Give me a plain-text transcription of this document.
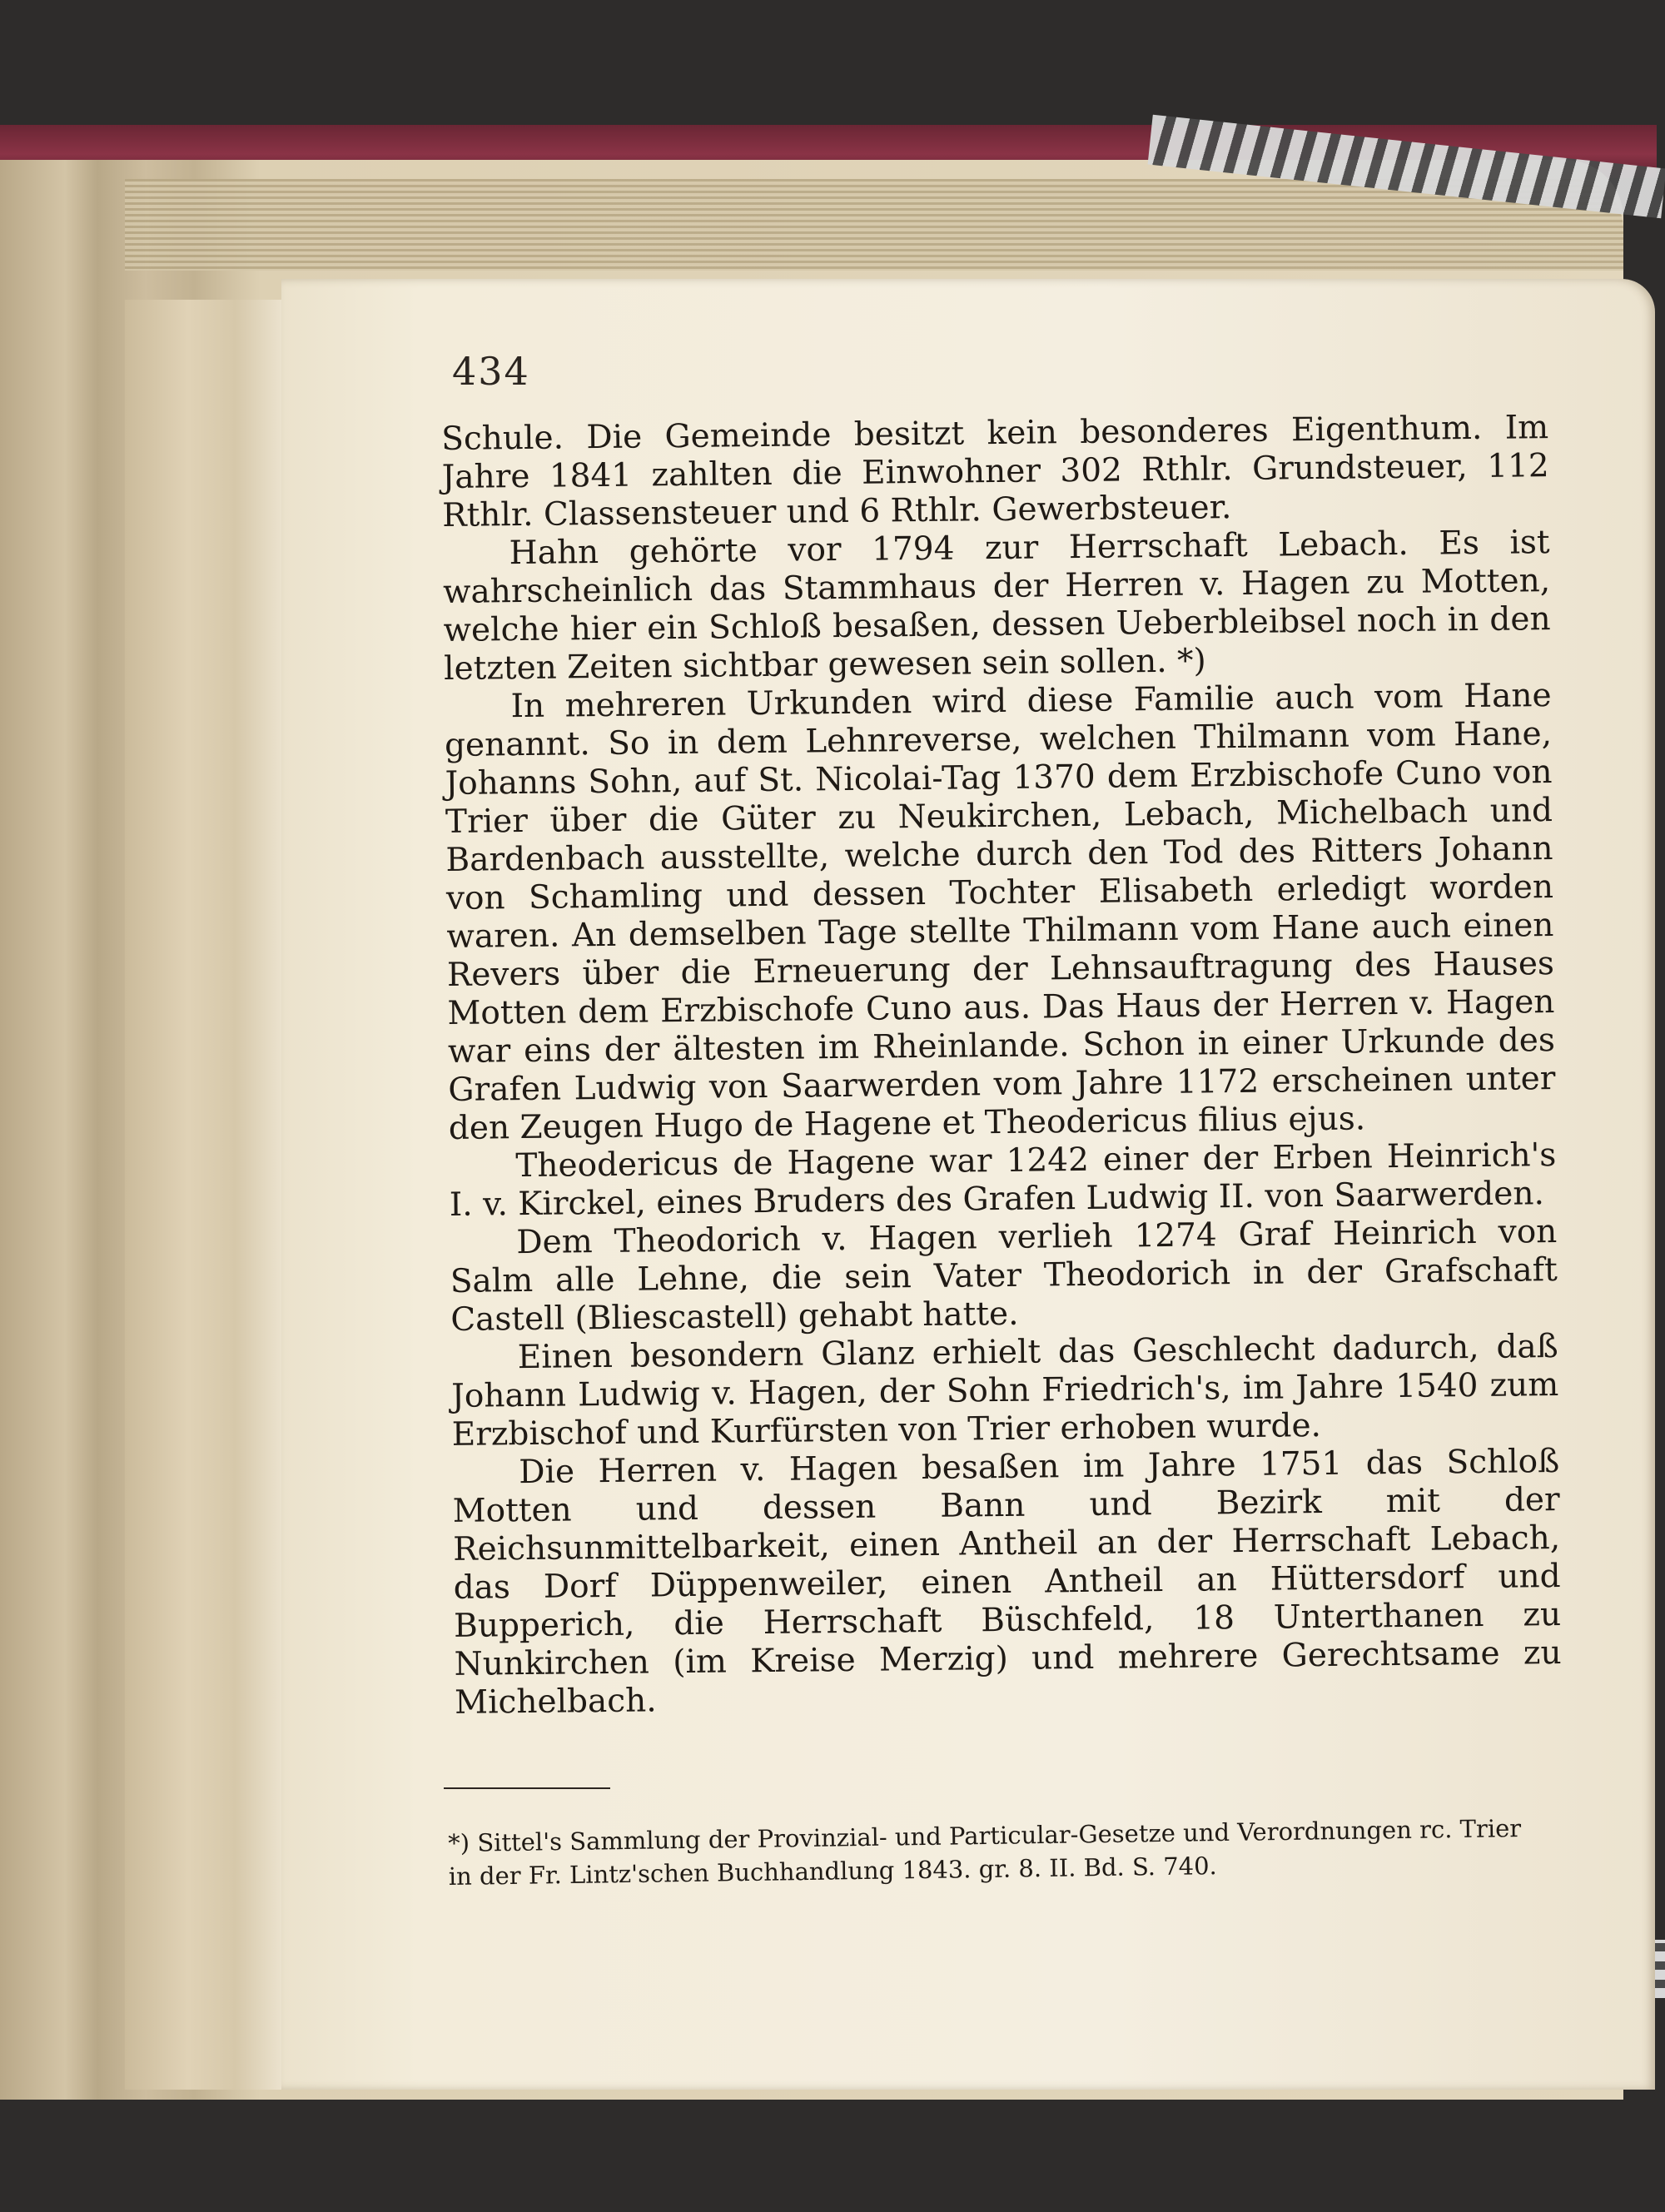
434

Schule. Die Gemeinde besitzt kein besonderes Eigenthum. Im Jahre 1841 zahlten die Einwohner 302 Rthlr. Grundsteuer, 112 Rthlr. Classensteuer und 6 Rthlr. Gewerbsteuer.

Hahn gehörte vor 1794 zur Herrschaft Lebach. Es ist wahrscheinlich das Stammhaus der Herren v. Hagen zu Motten, welche hier ein Schloß besaßen, dessen Ueberbleibsel noch in den letzten Zeiten sichtbar gewesen sein sollen. *)

In mehreren Urkunden wird diese Familie auch vom Hane genannt. So in dem Lehnreverse, welchen Thilmann vom Hane, Johanns Sohn, auf St. Nicolai-Tag 1370 dem Erzbischofe Cuno von Trier über die Güter zu Neukirchen, Lebach, Michelbach und Bardenbach ausstellte, welche durch den Tod des Ritters Johann von Schamling und dessen Tochter Elisabeth erledigt worden waren. An demselben Tage stellte Thilmann vom Hane auch einen Revers über die Erneuerung der Lehnsauftragung des Hauses Motten dem Erzbischofe Cuno aus. Das Haus der Herren v. Hagen war eins der ältesten im Rheinlande. Schon in einer Urkunde des Grafen Ludwig von Saarwerden vom Jahre 1172 erscheinen unter den Zeugen Hugo de Hagene et Theodericus filius ejus.

Theodericus de Hagene war 1242 einer der Erben Heinrich's I. v. Kirckel, eines Bruders des Grafen Ludwig II. von Saarwerden.

Dem Theodorich v. Hagen verlieh 1274 Graf Heinrich von Salm alle Lehne, die sein Vater Theodorich in der Grafschaft Castell (Bliescastell) gehabt hatte.

Einen besondern Glanz erhielt das Geschlecht dadurch, daß Johann Ludwig v. Hagen, der Sohn Friedrich's, im Jahre 1540 zum Erzbischof und Kurfürsten von Trier erhoben wurde.

Die Herren v. Hagen besaßen im Jahre 1751 das Schloß Motten und dessen Bann und Bezirk mit der Reichsunmittelbarkeit, einen Antheil an der Herrschaft Lebach, das Dorf Düppenweiler, einen Antheil an Hüttersdorf und Bupperich, die Herrschaft Büschfeld, 18 Unterthanen zu Nunkirchen (im Kreise Merzig) und mehrere Gerechtsame zu Michelbach.

*) Sittel's Sammlung der Provinzial- und Particular-Gesetze und Verordnungen rc. Trier in der Fr. Lintz'schen Buchhandlung 1843. gr. 8. II. Bd. S. 740.
